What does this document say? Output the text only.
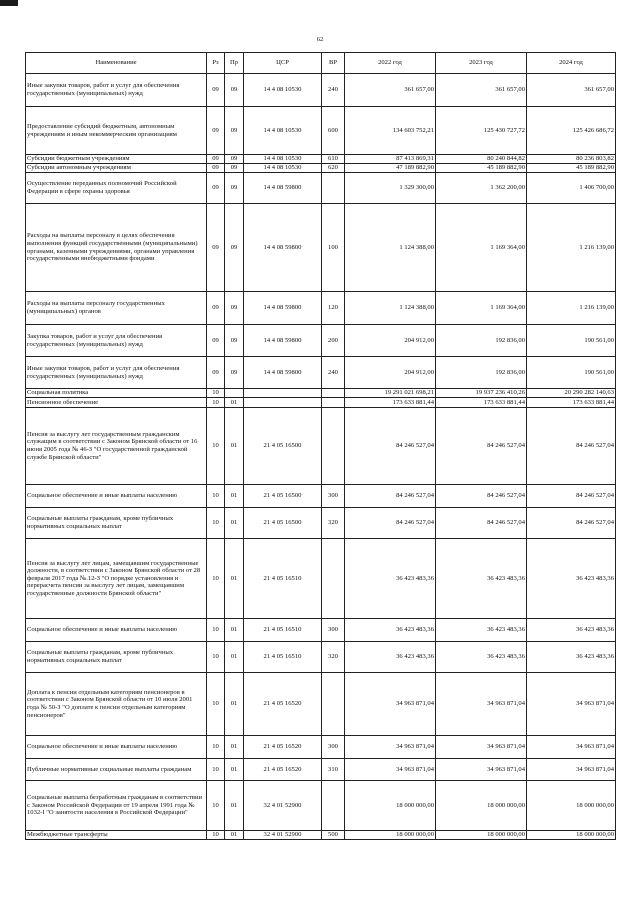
62
Наименование	Рз	Пр	ЦСР	ВР	2022 год	2023 год	2024 год
Иные закупки товаров, работ и услуг для обеспечения государственных (муниципальных) нужд	09	09	14 4 08 10530	240	361 657,00	361 657,00	361 657,00
Предоставление субсидий бюджетным, автономным учреждениям и иным некоммерческим организациям	09	09	14 4 08 10530	600	134 603 752,21	125 430 727,72	125 426 686,72
Субсидии бюджетным учреждениям	09	09	14 4 08 10530	610	87 413 869,31	80 240 844,82	80 236 803,82
Субсидии автономным учреждениям	09	09	14 4 08 10530	620	47 189 882,90	45 189 882,90	45 189 882,90
Осуществление переданных полномочий Российской Федерации в сфере охраны здоровья	09	09	14 4 08 59800		1 329 300,00	1 362 200,00	1 406 700,00
Расходы на выплаты персоналу в целях обеспечения выполнения функций государственными (муниципальными) органами, казенными учреждениями, органами управления государственными внебюджетными фондами	09	09	14 4 08 59800	100	1 124 388,00	1 169 364,00	1 216 139,00
Расходы на выплаты персоналу государственных (муниципальных) органов	09	09	14 4 08 59800	120	1 124 388,00	1 169 364,00	1 216 139,00
Закупка товаров, работ и услуг для обеспечения государственных (муниципальных) нужд	09	09	14 4 08 59800	200	204 912,00	192 836,00	190 561,00
Иные закупки товаров, работ и услуг для обеспечения государственных (муниципальных) нужд	09	09	14 4 08 59800	240	204 912,00	192 836,00	190 561,00
Социальная политика	10				19 291 021 698,21	19 937 236 410,26	20 290 282 140,63
Пенсионное обеспечение	10	01			173 633 881,44	173 633 881,44	173 633 881,44
Пенсия за выслугу лет государственным гражданским служащим в соответствии с Законом Брянской области от 16 июня 2005 года № 46-З "О государственной гражданской службе Брянской области"	10	01	21 4 05 16500		84 246 527,04	84 246 527,04	84 246 527,04
Социальное обеспечение и иные выплаты населению	10	01	21 4 05 16500	300	84 246 527,04	84 246 527,04	84 246 527,04
Социальные выплаты гражданам, кроме публичных нормативных социальных выплат	10	01	21 4 05 16500	320	84 246 527,04	84 246 527,04	84 246 527,04
Пенсия за выслугу лет лицам, замещавшим государственные должности, в соответствии с Законом Брянской области от 28 февраля 2017 года №.12-З "О порядке установления и перерасчета пенсии за выслугу лет лицам, замещавшим государственные должности Брянской области"	10	01	21 4 05 16510		36 423 483,36	36 423 483,36	36 423 483,36
Социальное обеспечение и иные выплаты населению	10	01	21 4 05 16510	300	36 423 483,36	36 423 483,36	36 423 483,36
Социальные выплаты гражданам, кроме публичных нормативных социальных выплат	10	01	21 4 05 16510	320	36 423 483,36	36 423 483,36	36 423 483,36
Доплата к пенсии отдельным категориям пенсионеров в соответствии с Законом Брянской области от 10 июля 2001 года № 50-З "О доплате к пенсии отдельным категориям пенсионеров"	10	01	21 4 05 16520		34 963 871,04	34 963 871,04	34 963 871,04
Социальное обеспечение и иные выплаты населению	10	01	21 4 05 16520	300	34 963 871,04	34 963 871,04	34 963 871,04
Публичные нормативные социальные выплаты гражданам	10	01	21 4 05 16520	310	34 963 871,04	34 963 871,04	34 963 871,04
Социальные выплаты безработным гражданам в соответствии с Законом Российской Федерации от 19 апреля 1991 года № 1032-I "О занятости населения в Российской Федерации"	10	01	32 4 01 52900		18 000 000,00	18 000 000,00	18 000 000,00
Межбюджетные трансферты	10	01	32 4 01 52900	500	18 000 000,00	18 000 000,00	18 000 000,00
